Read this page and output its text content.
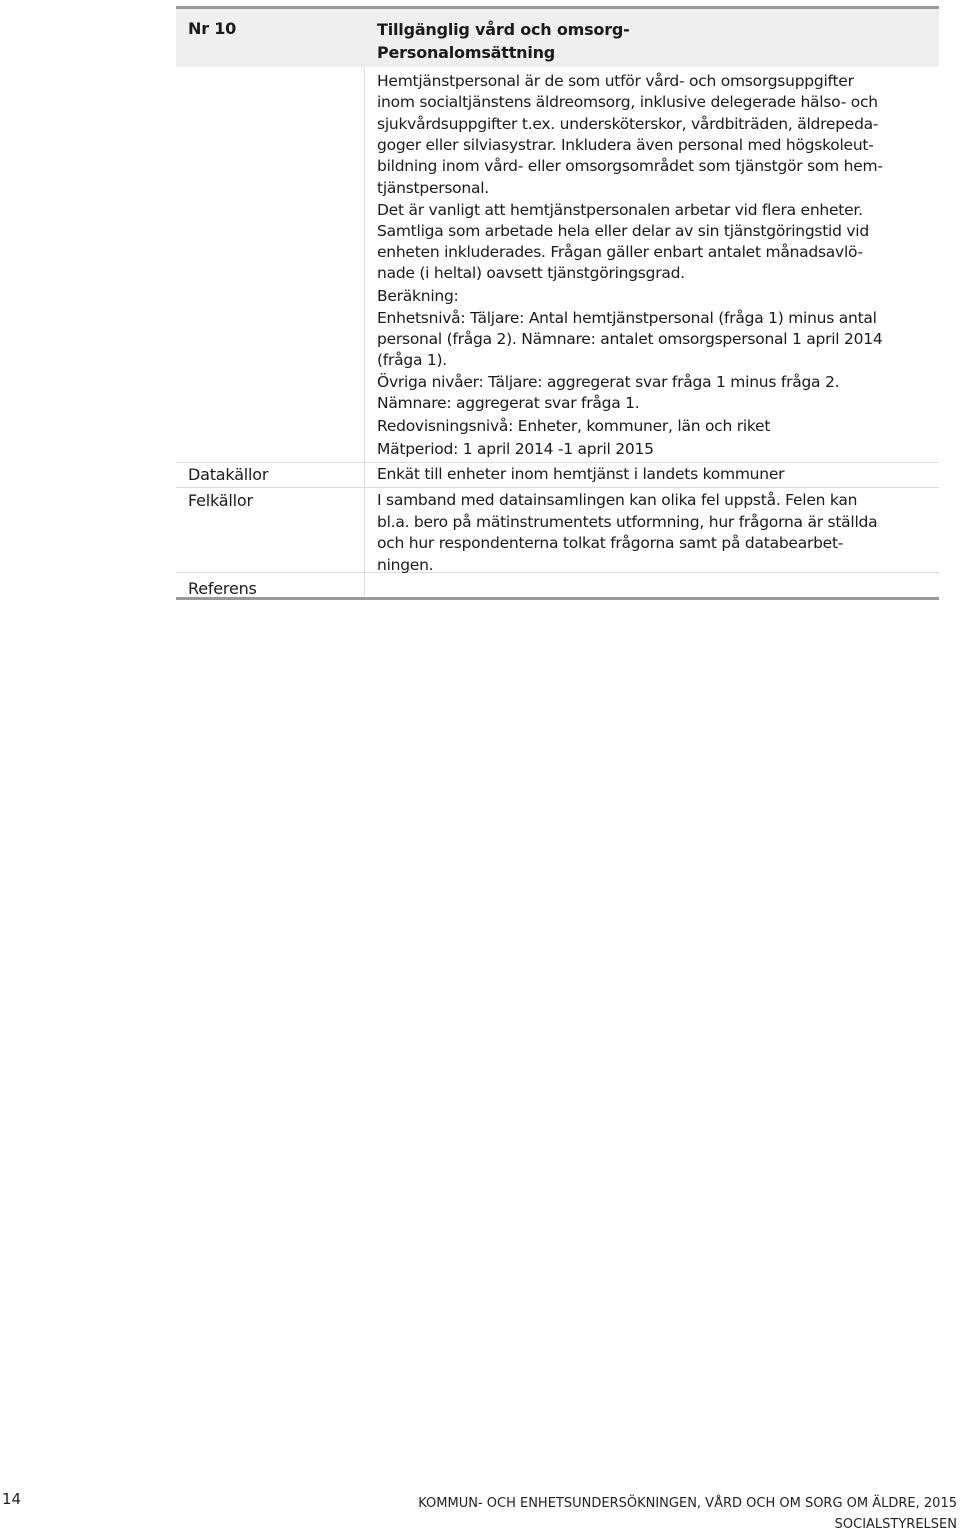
Nr 10	Tillgänglig vård och omsorg-
Personalomsättning
Hemtjänstpersonal är de som utför vård- och omsorgsuppgifter
inom socialtjänstens äldreomsorg, inklusive delegerade hälso- och
sjukvårdsuppgifter t.ex. undersköterskor, vårdbiträden, äldrepeda-
goger eller silviasystrar. Inkludera även personal med högskoleut-
bildning inom vård- eller omsorgsområdet som tjänstgör som hem-
tjänstpersonal.
Det är vanligt att hemtjänstpersonalen arbetar vid flera enheter.
Samtliga som arbetade hela eller delar av sin tjänstgöringstid vid
enheten inkluderades. Frågan gäller enbart antalet månadsavlö-
nade (i heltal) oavsett tjänstgöringsgrad.
Beräkning:
Enhetsnivå: Täljare: Antal hemtjänstpersonal (fråga 1) minus antal
personal (fråga 2). Nämnare: antalet omsorgspersonal 1 april 2014
(fråga 1).
Övriga nivåer: Täljare: aggregerat svar fråga 1 minus fråga 2.
Nämnare: aggregerat svar fråga 1.
Redovisningsnivå: Enheter, kommuner, län och riket
Mätperiod: 1 april 2014 -1 april 2015
Datakällor	Enkät till enheter inom hemtjänst i landets kommuner
Felkällor	I samband med datainsamlingen kan olika fel uppstå. Felen kan
bl.a. bero på mätinstrumentets utformning, hur frågorna är ställda
och hur respondenterna tolkat frågorna samt på databearbet-
ningen.
Referens
14	KOMMUN- OCH ENHETSUNDERSÖKNINGEN, VÅRD OCH OM SORG OM ÄLDRE, 2015
SOCIALSTYRELSEN
